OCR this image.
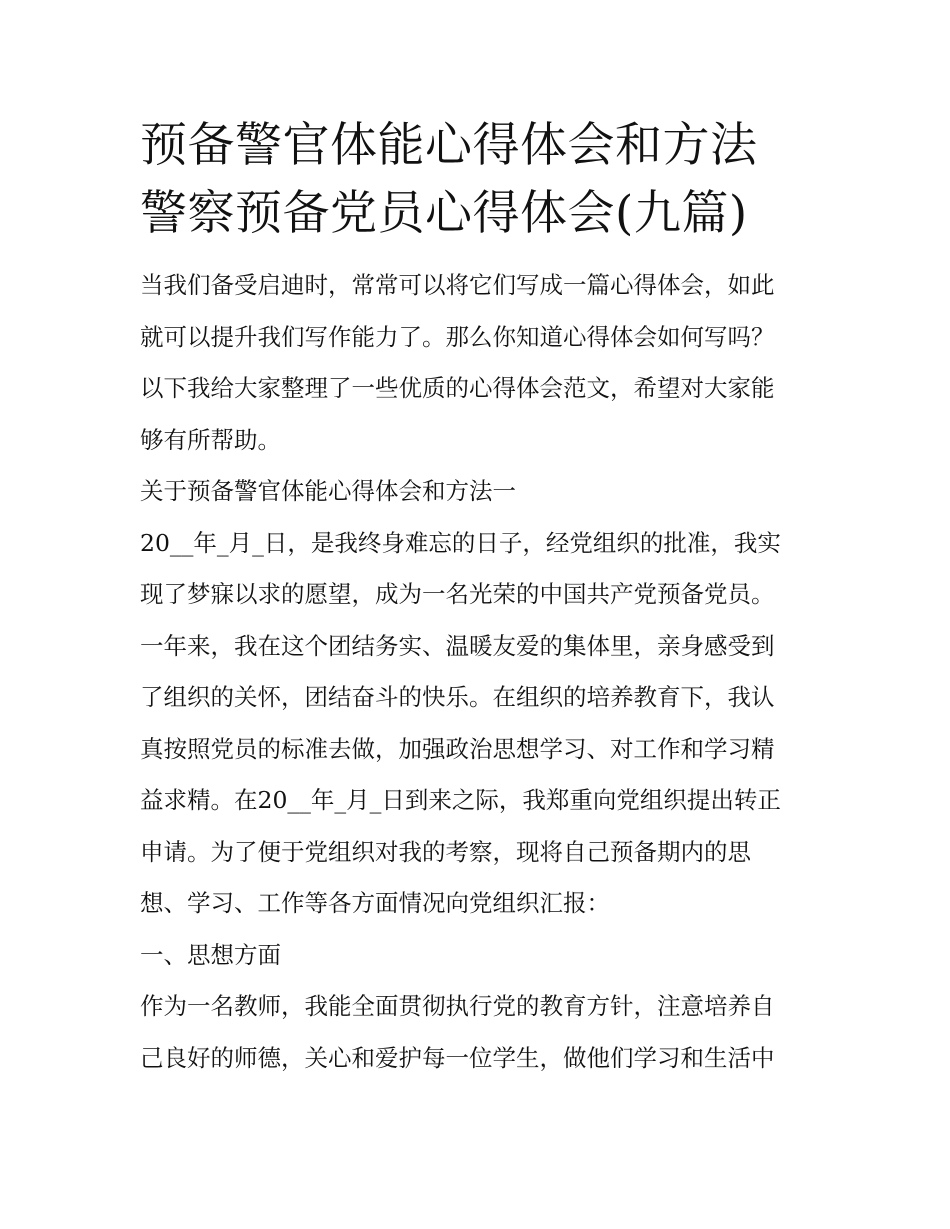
预备警官体能心得体会和方法
警察预备党员心得体会(九篇)

当我们备受启迪时，常常可以将它们写成一篇心得体会，如此
就可以提升我们写作能力了。那么你知道心得体会如何写吗？
以下我给大家整理了一些优质的心得体会范文，希望对大家能
够有所帮助。

关于预备警官体能心得体会和方法一

20__年_月_日，是我终身难忘的日子，经党组织的批准，我实
现了梦寐以求的愿望，成为一名光荣的中国共产党预备党员。
一年来，我在这个团结务实、温暖友爱的集体里，亲身感受到
了组织的关怀，团结奋斗的快乐。在组织的培养教育下，我认
真按照党员的标准去做，加强政治思想学习、对工作和学习精
益求精。在20__年_月_日到来之际，我郑重向党组织提出转正
申请。为了便于党组织对我的考察，现将自己预备期内的思
想、学习、工作等各方面情况向党组织汇报：

一、思想方面

作为一名教师，我能全面贯彻执行党的教育方针，注意培养自
己良好的师德，关心和爱护每一位学生，做他们学习和生活中
